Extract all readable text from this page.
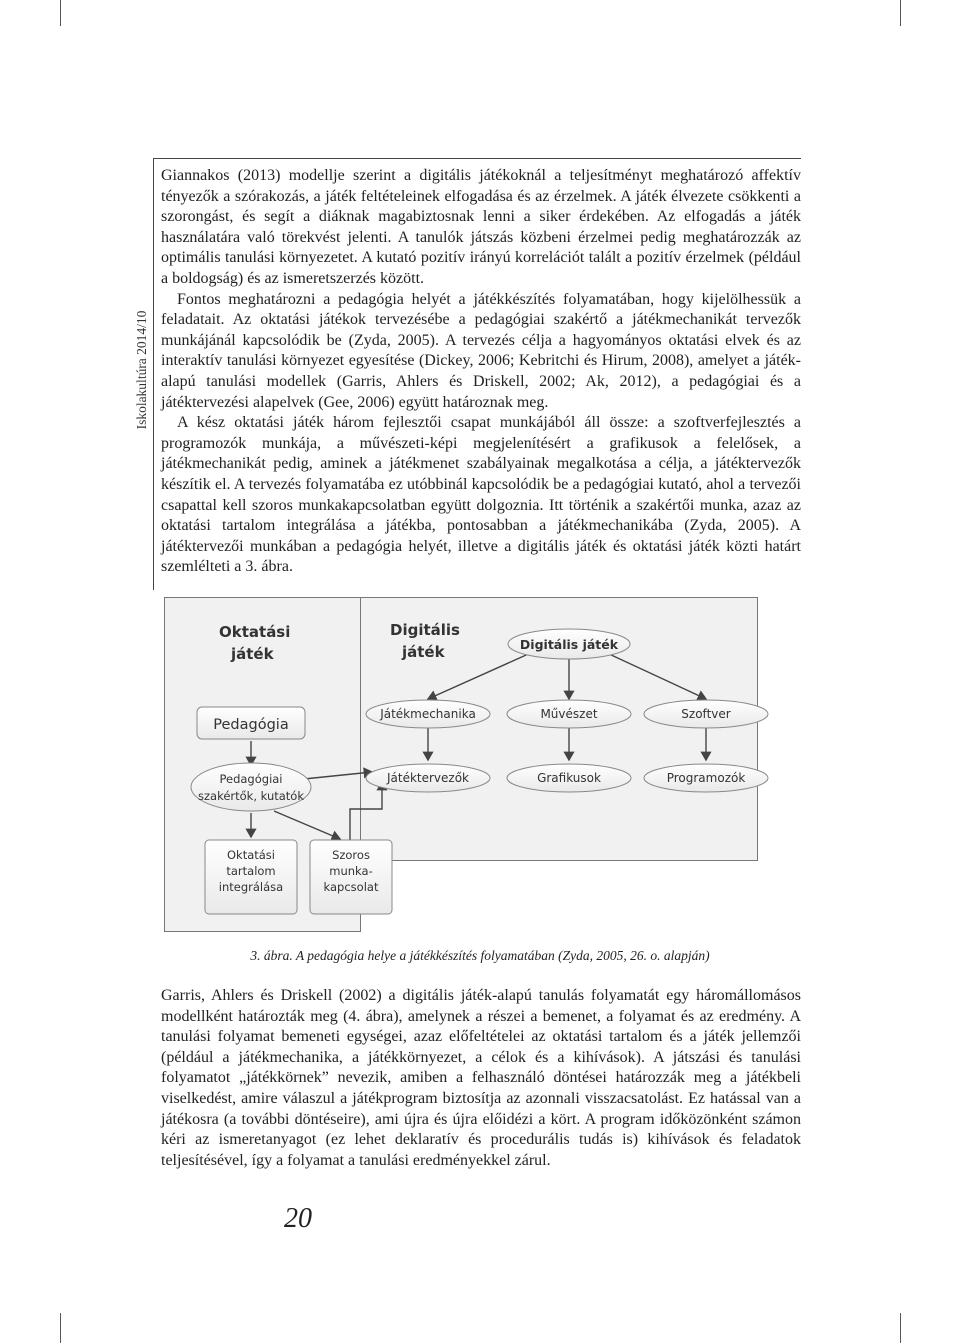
Iskolakultúra 2014/10

Giannakos (2013) modellje szerint a digitális játékoknál a teljesítményt meghatározó affektív tényezők a szórakozás, a játék feltételeinek elfogadása és az érzelmek. A játék élvezete csökkenti a szorongást, és segít a diáknak magabiztosnak lenni a siker érdekében. Az elfogadás a játék használatára való törekvést jelenti. A tanulók játszás közbeni érzelmei pedig meghatározzák az optimális tanulási környezetet. A kutató pozitív irányú korrelációt talált a pozitív érzelmek (például a boldogság) és az ismeretszerzés között.

Fontos meghatározni a pedagógia helyét a játékkészítés folyamatában, hogy kijelölhessük a feladatait. Az oktatási játékok tervezésébe a pedagógiai szakértő a játékmechanikát tervezők munkájánál kapcsolódik be (Zyda, 2005). A tervezés célja a hagyományos oktatási elvek és az interaktív tanulási környezet egyesítése (Dickey, 2006; Kebritchi és Hirum, 2008), amelyet a játék-alapú tanulási modellek (Garris, Ahlers és Driskell, 2002; Ak, 2012), a pedagógiai és a játéktervezési alapelvek (Gee, 2006) együtt határoznak meg.

A kész oktatási játék három fejlesztői csapat munkájából áll össze: a szoftverfejlesztés a programozók munkája, a művészeti-képi megjelenítésért a grafikusok a felelősek, a játékmechanikát pedig, aminek a játékmenet szabályainak megalkotása a célja, a játéktervezők készítik el. A tervezés folyamatába ez utóbbinál kapcsolódik be a pedagógiai kutató, ahol a tervezői csapattal kell szoros munkakapcsolatban együtt dolgoznia. Itt történik a szakértői munka, azaz az oktatási tartalom integrálása a játékba, pontosabban a játékmechanikába (Zyda, 2005). A játéktervezői munkában a pedagógia helyét, illetve a digitális játék és oktatási játék közti határt szemlélteti a 3. ábra.

Oktatási
játék
Digitális
játék	Digitális játék
Játékmechanika	Művészet	Szoftver
Játéktervezők	Grafikusok	Programozók
Pedagógia
Pedagógiai
szakértők, kutatók
Oktatási
tartalom
integrálása
Szoros
munka-
kapcsolat
3. ábra. A pedagógia helye a játékkészítés folyamatában (Zyda, 2005, 26. o. alapján)

Garris, Ahlers és Driskell (2002) a digitális játék-alapú tanulás folyamatát egy háromállomásos modellként határozták meg (4. ábra), amelynek a részei a bemenet, a folyamat és az eredmény. A tanulási folyamat bemeneti egységei, azaz előfeltételei az oktatási tartalom és a játék jellemzői (például a játékmechanika, a játékkörnyezet, a célok és a kihívások). A játszási és tanulási folyamatot „játékkörnek” nevezik, amiben a felhasználó döntései határozzák meg a játékbeli viselkedést, amire válaszul a játékprogram biztosítja az azonnali visszacsatolást. Ez hatással van a játékosra (a további döntéseire), ami újra és újra előidézi a kört. A program időközönként számon kéri az ismeretanyagot (ez lehet deklaratív és procedurális tudás is) kihívások és feladatok teljesítésével, így a folyamat a tanulási eredményekkel zárul.

20
